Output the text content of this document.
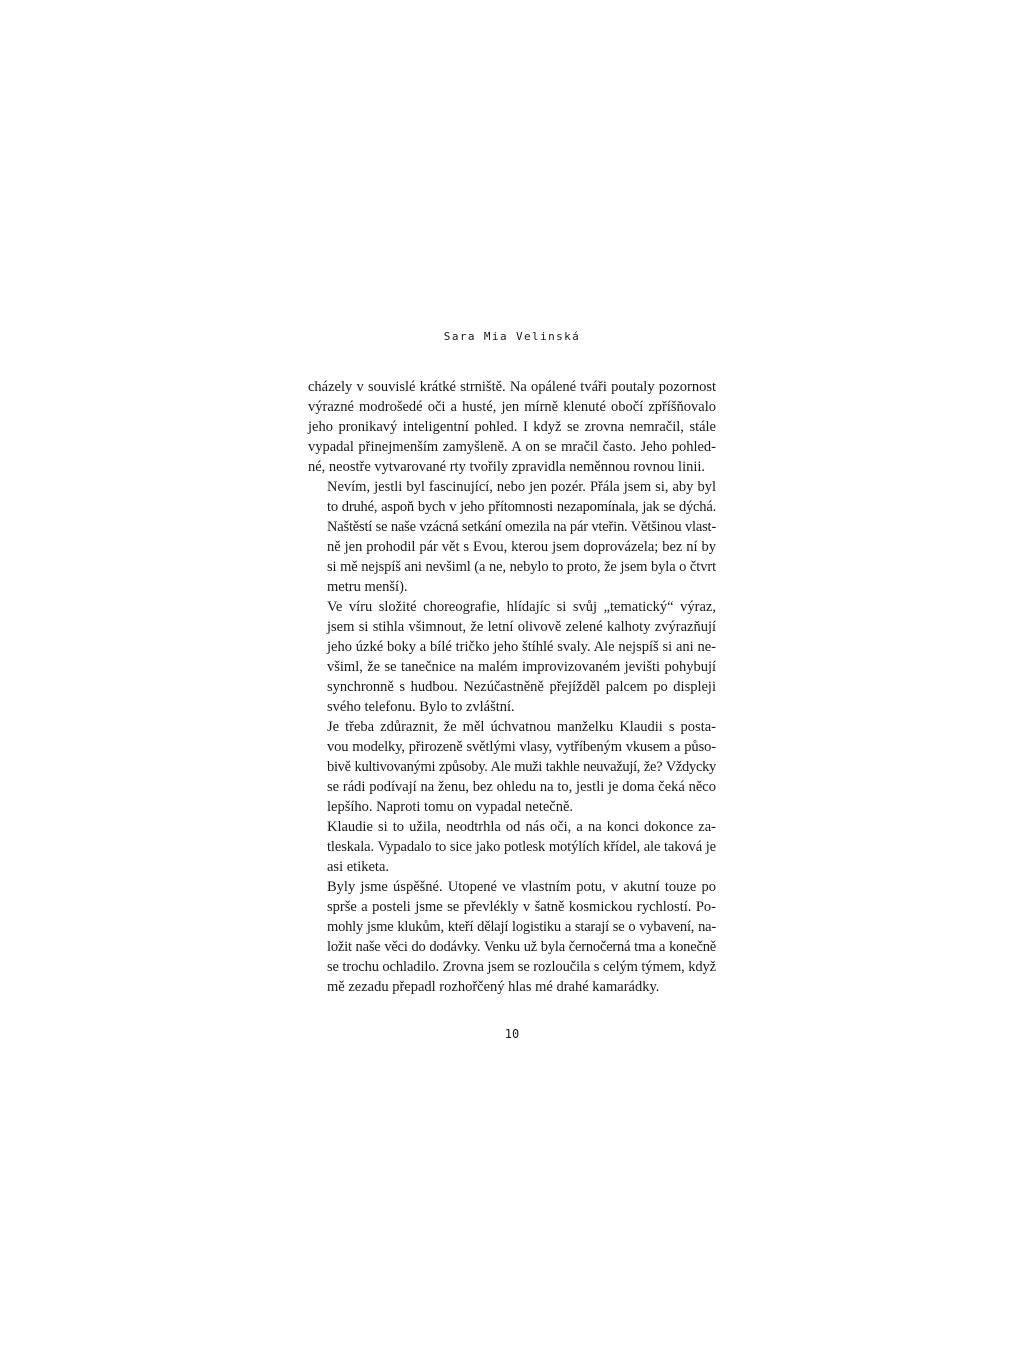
Sara Mia Velinská

cházely v souvislé krátké strniště. Na opálené tváři poutaly pozornost
výrazné modrošedé oči a husté, jen mírně klenuté obočí zpříšňovalo
jeho pronikavý inteligentní pohled. I když se zrovna nemračil, stále
vypadal přinejmenším zamyšleně. A on se mračil často. Jeho pohled-
né, neostře vytvarované rty tvořily zpravidla neměnnou rovnou linii.

Nevím, jestli byl fascinující, nebo jen pozér. Přála jsem si, aby byl
to druhé, aspoň bych v jeho přítomnosti nezapomínala, jak se dýchá.
Naštěstí se naše vzácná setkání omezila na pár vteřin. Většinou vlast-
ně jen prohodil pár vět s Evou, kterou jsem doprovázela; bez ní by
si mě nejspíš ani nevšiml (a ne, nebylo to proto, že jsem byla o čtvrt
metru menší).

Ve víru složité choreografie, hlídajíc si svůj „tematický“ výraz,
jsem si stihla všimnout, že letní olivově zelené kalhoty zvýrazňují
jeho úzké boky a bílé tričko jeho štíhlé svaly. Ale nejspíš si ani ne-
všiml, že se tanečnice na malém improvizovaném jevišti pohybují
synchronně s hudbou. Nezúčastněně přejížděl palcem po displeji
svého telefonu. Bylo to zvláštní.

Je třeba zdůraznit, že měl úchvatnou manželku Klaudii s posta-
vou modelky, přirozeně světlými vlasy, vytříbeným vkusem a půso-
bivě kultivovanými způsoby. Ale muži takhle neuvažují, že? Vždycky
se rádi podívají na ženu, bez ohledu na to, jestli je doma čeká něco
lepšího. Naproti tomu on vypadal netečně.

Klaudie si to užila, neodtrhla od nás oči, a na konci dokonce za-
tleskala. Vypadalo to sice jako potlesk motýlích křídel, ale taková je
asi etiketa.

Byly jsme úspěšné. Utopené ve vlastním potu, v akutní touze po
sprše a posteli jsme se převlékly v šatně kosmickou rychlostí. Po-
mohly jsme klukům, kteří dělají logistiku a starají se o vybavení, na-
ložit naše věci do dodávky. Venku už byla černočerná tma a konečně
se trochu ochladilo. Zrovna jsem se rozloučila s celým týmem, když
mě zezadu přepadl rozhořčený hlas mé drahé kamarádky.

10
